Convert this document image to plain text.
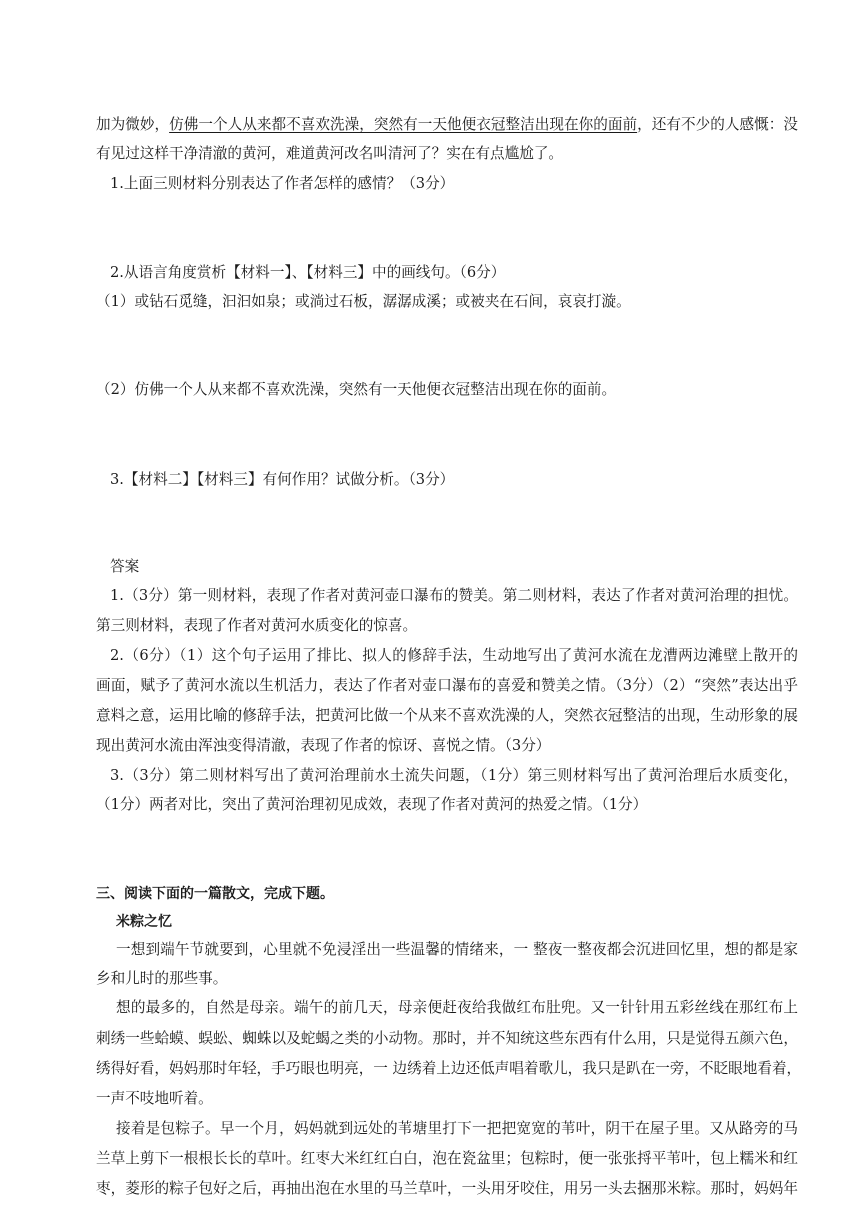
加为微妙，仿佛一个人从来都不喜欢洗澡，突然有一天他便衣冠整洁出现在你的面前，还有不少的人感慨：没
有见过这样干净清澈的黄河，难道黄河改名叫清河了？实在有点尴尬了。
1.上面三则材料分别表达了作者怎样的感情？（3分）
2.从语言角度赏析【材料一】、【材料三】中的画线句。（6分）
（1）或钻石觅缝，汩汩如泉；或淌过石板，潺潺成溪；或被夹在石间，哀哀打漩。
（2）仿佛一个人从来都不喜欢洗澡，突然有一天他便衣冠整洁出现在你的面前。
3.【材料二】【材料三】有何作用？试做分析。（3分）
答案
1.（3分）第一则材料，表现了作者对黄河壶口瀑布的赞美。第二则材料，表达了作者对黄河治理的担忧。
第三则材料，表现了作者对黄河水质变化的惊喜。
2.（6分）（1）这个句子运用了排比、拟人的修辞手法，生动地写出了黄河水流在龙漕两边滩壁上散开的
画面，赋予了黄河水流以生机活力，表达了作者对壶口瀑布的喜爱和赞美之情。（3分）（2）“突然”表达出乎
意料之意，运用比喻的修辞手法，把黄河比做一个从来不喜欢洗澡的人，突然衣冠整洁的出现，生动形象的展
现出黄河水流由浑浊变得清澈，表现了作者的惊讶、喜悦之情。（3分）
3.（3分）第二则材料写出了黄河治理前水土流失问题，（1分）第三则材料写出了黄河治理后水质变化，
（1分）两者对比，突出了黄河治理初见成效，表现了作者对黄河的热爱之情。（1分）
三、阅读下面的一篇散文，完成下题。
米粽之忆
一想到端午节就要到，心里就不免浸淫出一些温馨的情绪来，一 整夜一整夜都会沉进回忆里，想的都是家
乡和儿时的那些事。
想的最多的，自然是母亲。端午的前几天，母亲便赶夜给我做红布肚兜。又一针针用五彩丝线在那红布上
刺绣一些蛤蟆、蜈蚣、蜘蛛以及蛇蝎之类的小动物。那时，并不知统这些东西有什么用，只是觉得五颜六色，
绣得好看，妈妈那时年轻，手巧眼也明亮，一 边绣着上边还低声唱着歌儿，我只是趴在一旁，不眨眼地看着，
一声不吱地听着。
接着是包粽子。早一个月，妈妈就到远处的苇塘里打下一把把宽宽的苇叶，阴干在屋子里。又从路旁的马
兰草上剪下一根根长长的草叶。红枣大米红红白白，泡在瓷盆里；包粽时，便一张张捋平苇叶，包上糯米和红
枣，菱形的粽子包好之后，再抽出泡在水里的马兰草叶，一头用牙咬住，用另一头去捆那米粽。那时，妈妈年
